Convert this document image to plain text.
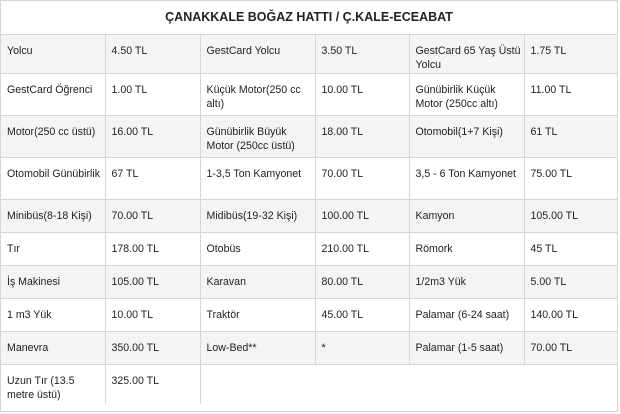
ÇANAKKALE BOĞAZ HATTI / Ç.KALE-ECEABAT
Yolcu	4.50 TL	GestCard Yolcu	3.50 TL	GestCard 65 Yaş Üstü Yolcu	1.75 TL
GestCard Öğrenci	1.00 TL	Küçük Motor(250 cc altı)	10.00 TL	Günübirlik Küçük Motor (250cc altı)	11.00 TL
Motor(250 cc üstü)	16.00 TL	Günübirlik Büyük Motor (250cc üstü)	18.00 TL	Otomobil(1+7 Kişi)	61 TL
Otomobil Günübirlik	67 TL	1-3,5 Ton Kamyonet	70.00 TL	3,5 - 6 Ton Kamyonet	75.00 TL
Minibüs(8-18 Kişi)	70.00 TL	Midibüs(19-32 Kişi)	100.00 TL	Kamyon	105.00 TL
Tır	178.00 TL	Otobüs	210.00 TL	Römork	45 TL
İş Makinesi	105.00 TL	Karavan	80.00 TL	1/2m3 Yük	5.00 TL
1 m3 Yük	10.00 TL	Traktör	45.00 TL	Palamar (6-24 saat)	140.00 TL
Manevra	350.00 TL	Low-Bed**	*	Palamar (1-5 saat)	70.00 TL
Uzun Tır (13.5 metre üstü)	325.00 TL				
